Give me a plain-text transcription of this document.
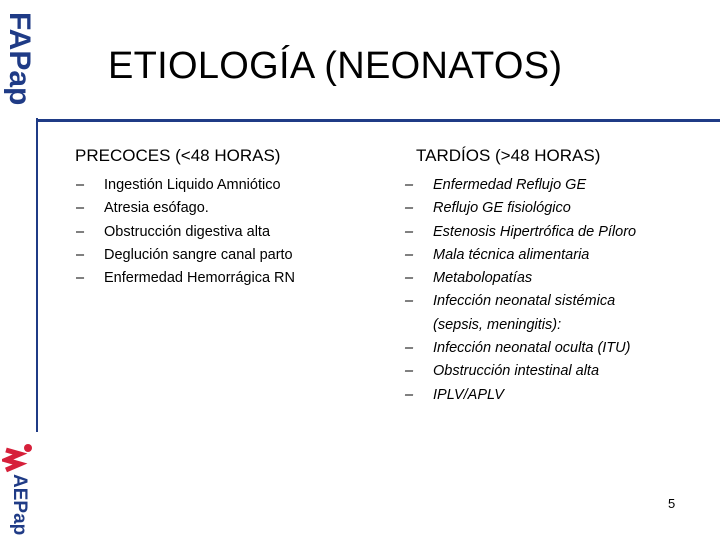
FAPap
AEPap
ETIOLOGÍA (NEONATOS)
PRECOCES (<48 HORAS)	TARDÍOS (>48 HORAS)
– Ingestión Liquido Amniótico
– Atresia esófago.
– Obstrucción digestiva alta
– Deglución sangre canal parto
– Enfermedad Hemorrágica RN
– Enfermedad Reflujo GE
– Reflujo GE fisiológico
– Estenosis Hipertrófica de Píloro
– Mala técnica alimentaria
– Metabolopatías
– Infección neonatal sistémica
(sepsis, meningitis):
– Infección neonatal oculta (ITU)
– Obstrucción intestinal alta
– IPLV/APLV
5
